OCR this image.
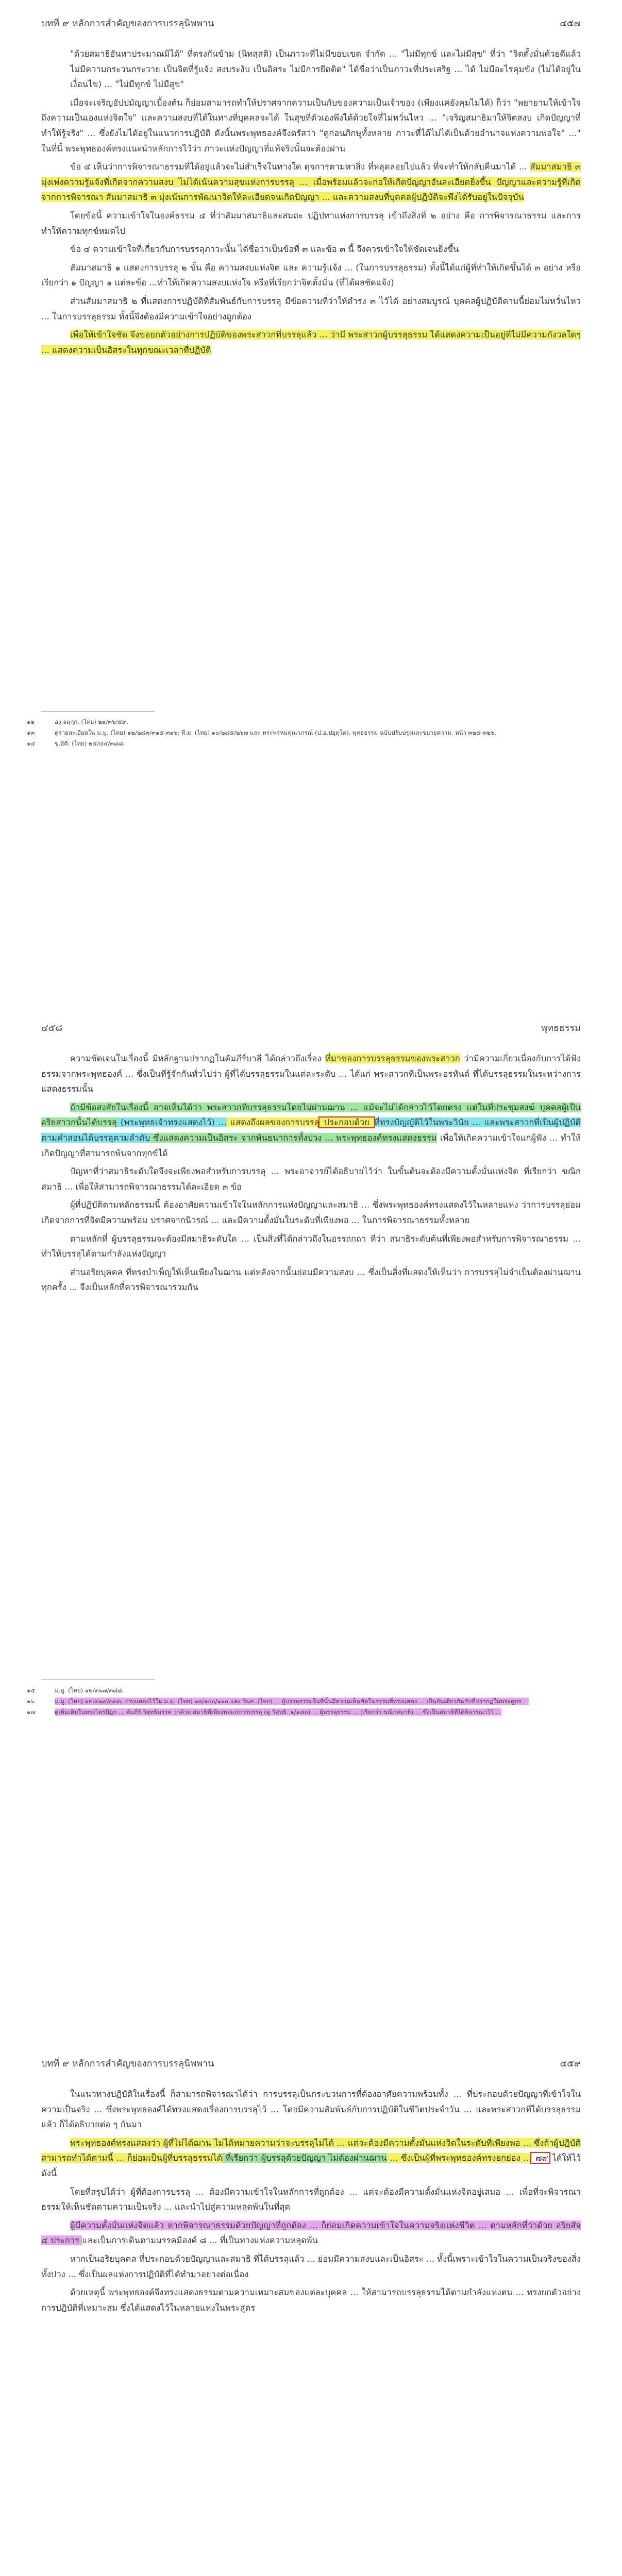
บทที่ ๙ หลักการสำคัญของการบรรลุนิพพาน	๔๕๗

"ด้วยสมาธิอันหาประมาณมิได้" ที่ตรงกันข้าม (นิทสฺสติ) เป็นภาวะที่ไม่มีขอบเขต จำกัด ... "ไม่มีทุกข์ และไม่มีสุข" ที่ว่า "จิตตั้งมั่นด้วยดีแล้ว ไม่มีความกระวนกระวาย เป็นจิตที่รู้แจ้ง สงบระงับ เป็นอิสระ ไม่มีการยึดติด" ได้ชื่อว่าเป็นภาวะที่ประเสริฐ ... ได้ ไม่มีอะไรคุมขัง (ไม่ได้อยู่ในเงื่อนไข) ... "ไม่มีทุกข์ ไม่มีสุข"

เมื่อจะเจริญอัปปมัญญาเบื้องต้น ก็ย่อมสามารถทำให้ปราศจากความเป็นกับของความเป็นเจ้าของ (เพียงแค่ยังคุมไม่ได้) ก็ว่า "พยายามให้เข้าใจถึงความเป็นเองแห่งจิตใจ" และความสงบที่ได้ในทางที่บุคคลจะได้ ในสุขที่ตัวเองพึงได้ด้วยใจที่ไม่หวั่นไหว ... "เจริญสมาธิมาให้จิตสงบ เกิดปัญญาที่ทำให้รู้จริง" ... ซึ่งยังไม่ได้อยู่ในแนวการปฏิบัติ ดังนั้นพระพุทธองค์จึงตรัสว่า "ดูก่อนภิกษุทั้งหลาย ภาวะที่ได้ไม่ได้เป็นด้วยอำนาจแห่งความพอใจ" ..." ในที่นี้ พระพุทธองค์ทรงแนะนำหลักการไว้ว่า ภาวะแห่งปัญญาที่แท้จริงนั้นจะต้องผ่าน

ข้อ ๔ เห็นว่าการพิจารณาธรรมที่ได้อยู่แล้วจะไม่สำเร็จในทางใด ดุจการตามหาสิ่ง ที่หลุดลอยไปแล้ว ที่จะทำให้กลับคืนมาได้ ... สัมมาสมาธิ ๓ มุ่งเพ่งความรู้แจ้งที่เกิดจากความสงบ ไม่ได้เน้นความสุขแห่งการบรรลุ ... เมื่อพร้อมแล้วจะก่อให้เกิดปัญญาอันละเอียดยิ่งขึ้น ปัญญาและความรู้ที่เกิดจากการพิจารณา สัมมาสมาธิ ๓ มุ่งเน้นการพัฒนาจิตให้ละเอียดจนเกิดปัญญา ... และความสงบที่บุคคลผู้ปฏิบัติจะพึงได้รับอยู่ในปัจจุบัน

โดยข้อนี้ ความเข้าใจในองค์ธรรม ๔ ที่ว่าสัมมาสมาธิและสมถะ ปฏิปทาแห่งการบรรลุ เข้าถึงสิ่งที่ ๒ อย่าง คือ การพิจารณาธรรม และการทำให้ความทุกข์หมดไป

ข้อ ๔ ความเข้าใจที่เกี่ยวกับการบรรลุภาวะนั้น ได้ชื่อว่าเป็นข้อที่ ๓ และข้อ ๓ นี้ จึงควรเข้าใจให้ชัดเจนยิ่งขึ้น

สัมมาสมาธิ ๑ แสดงการบรรลุ ๒ ขั้น คือ ความสงบแห่งจิต และ ความรู้แจ้ง ... (ในการบรรลุธรรม) ทั้งนี้ได้แก่ผู้ที่ทำให้เกิดขึ้นได้ ๓ อย่าง หรือเรียกว่า ๑ ปัญญา ๑ แต่ละข้อ ...ทำให้เกิดความสงบแห่งใจ หรือที่เรียกว่าจิตตั้งมั่น (ที่ได้ผลชัดแจ้ง)

ส่วนสัมมาสมาธิ ๒ ที่แสดงการปฏิบัติที่สัมพันธ์กับการบรรลุ มีข้อความที่ว่าให้ดำรง ๓ ไว้ได้ อย่างสมบูรณ์ บุคคลผู้ปฏิบัติตามนี้ย่อมไม่หวั่นไหว ... ในการบรรลุธรรม ทั้งนี้จึงต้องมีความเข้าใจอย่างถูกต้อง

เพื่อให้เข้าใจชัด จึงขอยกตัวอย่างการปฏิบัติของพระสาวกที่บรรลุแล้ว ... ว่ามี พระสาวกผู้บรรลุธรรม ได้แสดงความเป็นอยู่ที่ไม่มีความกังวลใดๆ ... แสดงความเป็นอิสระในทุกขณะเวลาที่ปฏิบัติ

๑๒	องฺ.จตุกฺก. (ไทย) ๒๑/๓๖/๕๙.

๑๓	ดูรายละเอียดใน ม.มู. (ไทย) ๑๒/๒๘๓/๓๑๕-๓๑๖; ที.ม. (ไทย) ๑๐/๒๘๕/๒๖๗ และ พระพรหมคุณาภรณ์ (ป.อ.ปยุตฺโต), พุทธธรรม ฉบับปรับปรุงและขยายความ, หน้า ๓๒๕-๓๒๖.

๑๔	ขุ.อิติ. (ไทย) ๒๕/๔๔/๓๘๘.

๔๕๘	พุทธธรรม

ความชัดเจนในเรื่องนี้ มีหลักฐานปรากฏในคัมภีร์บาลี ได้กล่าวถึงเรื่อง ที่มาของการบรรลุธรรมของพระสาวก ว่ามีความเกี่ยวเนื่องกับการได้ฟังธรรมจากพระพุทธองค์ ... ซึ่งเป็นที่รู้จักกันทั่วไปว่า ผู้ที่ได้บรรลุธรรมในแต่ละระดับ ... ได้แก่ พระสาวกที่เป็นพระอรหันต์ ที่ได้บรรลุธรรมในระหว่างการแสดงธรรมนั้น

ถ้ามีข้อสงสัยในเรื่องนี้ อาจเห็นได้ว่า พระสาวกที่บรรลุธรรมโดยไม่ผ่านฌาน ... แม้จะไม่ได้กล่าวไว้โดยตรง แต่ในที่ประชุมสงฆ์ บุคคลผู้เป็นอริยสาวกนั้นได้บรรลุ (พระพุทธเจ้าทรงแสดงไว้) ... แสดงถึงผลของการบรรลุ ประกอบด้วย ที่ทรงบัญญัติไว้ในพระวินัย ... และพระสาวกที่เป็นผู้ปฏิบัติตามคำสอนได้บรรลุตามลำดับ ซึ่งแสดงความเป็นอิสระ จากพันธนาการทั้งปวง ... พระพุทธองค์ทรงแสดงธรรม เพื่อให้เกิดความเข้าใจแก่ผู้ฟัง ... ทำให้เกิดปัญญาที่สามารถพ้นจากทุกข์ได้

ปัญหาที่ว่าสมาธิระดับใดจึงจะเพียงพอสำหรับการบรรลุ ... พระอาจารย์ได้อธิบายไว้ว่า ในขั้นต้นจะต้องมีความตั้งมั่นแห่งจิต ที่เรียกว่า ขณิกสมาธิ ... เพื่อให้สามารถพิจารณาธรรมได้ละเอียด ๓ ข้อ

ผู้ที่ปฏิบัติตามหลักธรรมนี้ ต้องอาศัยความเข้าใจในหลักการแห่งปัญญาและสมาธิ ... ซึ่งพระพุทธองค์ทรงแสดงไว้ในหลายแห่ง ว่าการบรรลุย่อมเกิดจากการที่จิตมีความพร้อม ปราศจากนิวรณ์ ... และมีความตั้งมั่นในระดับที่เพียงพอ ... ในการพิจารณาธรรมทั้งหลาย

ตามหลักที่ ผู้บรรลุธรรมจะต้องมีสมาธิระดับใด ... เป็นสิ่งที่ได้กล่าวถึงในอรรถกถา ที่ว่า สมาธิระดับต้นที่เพียงพอสำหรับการพิจารณาธรรม ... ทำให้บรรลุได้ตามกำลังแห่งปัญญา

ส่วนอริยบุคคล ที่ทรงบำเพ็ญให้เห็นเพียงในฌาน แต่หลังจากนั้นย่อมมีความสงบ ... ซึ่งเป็นสิ่งที่แสดงให้เห็นว่า การบรรลุไม่จำเป็นต้องผ่านฌานทุกครั้ง ... จึงเป็นหลักที่ควรพิจารณาร่วมกัน

๑๕	ม.มู. (ไทย) ๑๒/๓๖๗/๓๘๘.

๑๖	ม.มู. (ไทย) ๑๒/๓๑๙/๓๓๓; ทรงแสดงไว้ใน ม.ม. (ไทย) ๑๓/๑๐๐/๑๑๐ และ วินย. (ไทย) ... ผู้บรรลุธรรมในที่นั้นมีความเห็นชัดในธรรมที่ทรงแสดง ... เป็นอันเดียวกันกับที่ปรากฏในพระสูตร ...

๑๗	ดูเพิ่มเติมในพระไตรปิฎก ... คัมภีร์ วิสุทธิมรรค ว่าด้วย สมาธิที่เพียงพอแก่การบรรลุ (ดู วิสุทฺธิ. ๑/๑๘๐) ... ผู้บรรลุธรรม ... (เรียกว่า ขณิกสมาธิ) ... ซึ่งเป็นสมาธิที่ได้พิจารณาไว้ ...

บทที่ ๙ หลักการสำคัญของการบรรลุนิพพาน	๔๕๙

ในแนวทางปฏิบัติในเรื่องนี้ ก็สามารถพิจารณาได้ว่า การบรรลุเป็นกระบวนการที่ต้องอาศัยความพร้อมทั้ง ... ที่ประกอบด้วยปัญญาที่เข้าใจในความเป็นจริง ... ซึ่งพระพุทธองค์ได้ทรงแสดงเรื่องการบรรลุไว้ ... โดยมีความสัมพันธ์กับการปฏิบัติในชีวิตประจำวัน ... และพระสาวกที่ได้บรรลุธรรมแล้ว ก็ได้อธิบายต่อ ๆ กันมา

พระพุทธองค์ทรงแสดงว่า ผู้ที่ไม่ได้ฌาน ไม่ได้หมายความว่าจะบรรลุไม่ได้ ... แต่จะต้องมีความตั้งมั่นแห่งจิตในระดับที่เพียงพอ ... ซึ่งถ้าผู้ปฏิบัติสามารถทำได้ตามนี้ ... ก็ย่อมเป็นผู้ที่บรรลุธรรมได้ ที่เรียกว่า ผู้บรรลุด้วยปัญญา ไม่ต้องผ่านฌาน ... ซึ่งเป็นผู้ที่พระพุทธองค์ทรงยกย่อง ... ๗๙ ได้ให้ไว้ดังนี้

โดยที่สรุปได้ว่า ผู้ที่ต้องการบรรลุ ... ต้องมีความเข้าใจในหลักการที่ถูกต้อง ... แต่จะต้องมีความตั้งมั่นแห่งจิตอยู่เสมอ ... เพื่อที่จะพิจารณาธรรมให้เห็นชัดตามความเป็นจริง ... และนำไปสู่ความหลุดพ้นในที่สุด

ผู้มีความตั้งมั่นแห่งจิตแล้ว หากพิจารณาธรรมด้วยปัญญาที่ถูกต้อง ... ก็ย่อมเกิดความเข้าใจในความจริงแห่งชีวิต ... ตามหลักที่ว่าด้วย อริยสัจ ๔ ประการ และเป็นการเดินตามมรรคมีองค์ ๘ ... ที่เป็นทางแห่งความหลุดพ้น

หากเป็นอริยบุคคล ที่ประกอบด้วยปัญญาและสมาธิ ที่ได้บรรลุแล้ว ... ย่อมมีความสงบและเป็นอิสระ ... ทั้งนี้เพราะเข้าใจในความเป็นจริงของสิ่งทั้งปวง ... ซึ่งเป็นผลแห่งการปฏิบัติที่ได้ทำมาอย่างต่อเนื่อง

ด้วยเหตุนี้ พระพุทธองค์จึงทรงแสดงธรรมตามความเหมาะสมของแต่ละบุคคล ... ให้สามารถบรรลุธรรมได้ตามกำลังแห่งตน ... ทรงยกตัวอย่างการปฏิบัติที่เหมาะสม ซึ่งได้แสดงไว้ในหลายแห่งในพระสูตร
